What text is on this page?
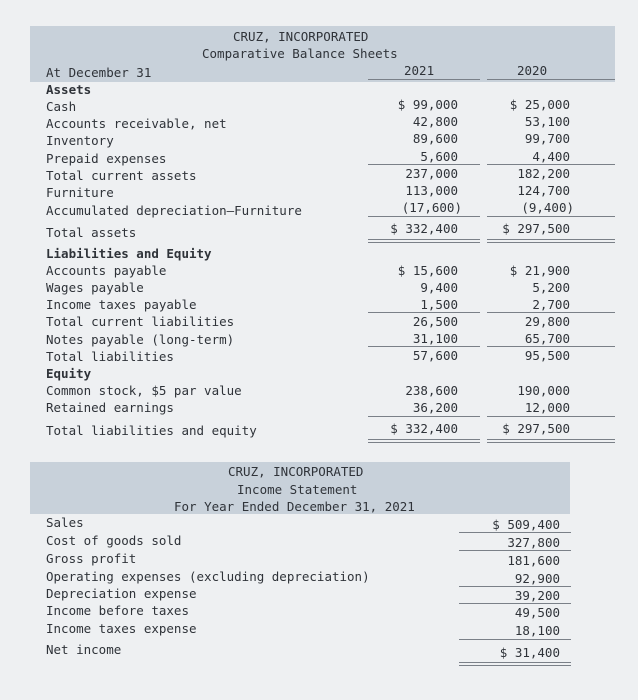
CRUZ, INCORPORATED
Comparative Balance Sheets
At December 31	2021	2020
Assets
Cash	$ 99,000	$ 25,000
Accounts receivable, net	42,800	53,100
Inventory	89,600	99,700
Prepaid expenses	5,600	4,400
Total current assets	237,000	182,200
Furniture	113,000	124,700
Accumulated depreciation—Furniture	(17,600)	(9,400)
Total assets	$ 332,400	$ 297,500
Liabilities and Equity
Accounts payable	$ 15,600	$ 21,900
Wages payable	9,400	5,200
Income taxes payable	1,500	2,700
Total current liabilities	26,500	29,800
Notes payable (long-term)	31,100	65,700
Total liabilities	57,600	95,500
Equity
Common stock, $5 par value	238,600	190,000
Retained earnings	36,200	12,000
Total liabilities and equity	$ 332,400	$ 297,500
CRUZ, INCORPORATED
Income Statement
For Year Ended December 31, 2021
Sales	$ 509,400
Cost of goods sold	327,800
Gross profit	181,600
Operating expenses (excluding depreciation)	92,900
Depreciation expense	39,200
Income before taxes	49,500
Income taxes expense	18,100
Net income	$ 31,400
